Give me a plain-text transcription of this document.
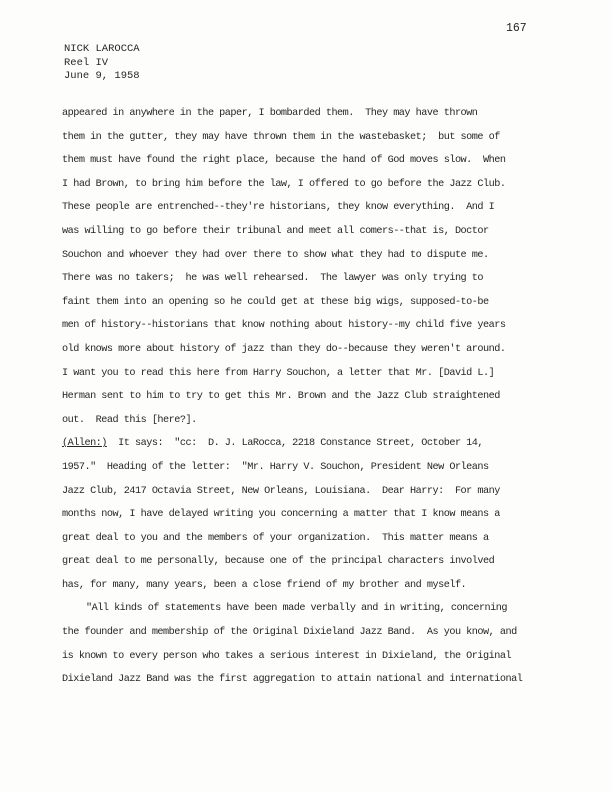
167
NICK LAROCCA
Reel IV
June 9, 1958
appeared in anywhere in the paper, I bombarded them.  They may have thrown
them in the gutter, they may have thrown them in the wastebasket;  but some of
them must have found the right place, because the hand of God moves slow.  When
I had Brown, to bring him before the law, I offered to go before the Jazz Club.
These people are entrenched--they're historians, they know everything.  And I
was willing to go before their tribunal and meet all comers--that is, Doctor
Souchon and whoever they had over there to show what they had to dispute me.
There was no takers;  he was well rehearsed.  The lawyer was only trying to
faint them into an opening so he could get at these big wigs, supposed-to-be
men of history--historians that know nothing about history--my child five years
old knows more about history of jazz than they do--because they weren't around.
I want you to read this here from Harry Souchon, a letter that Mr. [David L.]
Herman sent to him to try to get this Mr. Brown and the Jazz Club straightened
out.  Read this [here?].
(Allen:)  It says:  "cc:  D. J. LaRocca, 2218 Constance Street, October 14,
1957."  Heading of the letter:  "Mr. Harry V. Souchon, President New Orleans
Jazz Club, 2417 Octavia Street, New Orleans, Louisiana.  Dear Harry:  For many
months now, I have delayed writing you concerning a matter that I know means a
great deal to you and the members of your organization.  This matter means a
great deal to me personally, because one of the principal characters involved
has, for many, many years, been a close friend of my brother and myself.
"All kinds of statements have been made verbally and in writing, concerning
the founder and membership of the Original Dixieland Jazz Band.  As you know, and
is known to every person who takes a serious interest in Dixieland, the Original
Dixieland Jazz Band was the first aggregation to attain national and international
